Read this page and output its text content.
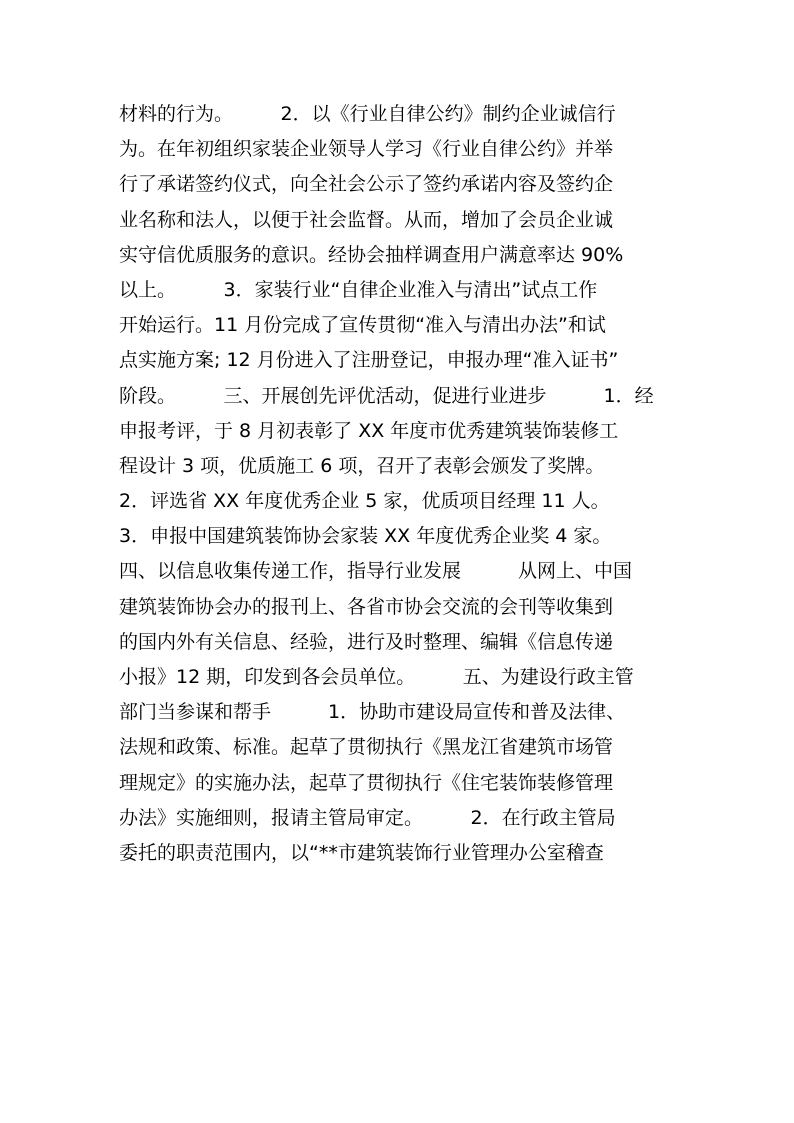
材料的行为。　　　2．以《行业自律公约》制约企业诚信行
为。在年初组织家装企业领导人学习《行业自律公约》并举
行了承诺签约仪式，向全社会公示了签约承诺内容及签约企
业名称和法人，以便于社会监督。从而，增加了会员企业诚
实守信优质服务的意识。经协会抽样调查用户满意率达 90%
以上。　　　3．家装行业“自律企业准入与清出”试点工作
开始运行。11 月份完成了宣传贯彻“准入与清出办法”和试
点实施方案; 12 月份进入了注册登记，申报办理“准入证书”
阶段。　　　三、开展创先评优活动，促进行业进步　　　1．经
申报考评，于 8 月初表彰了 XX 年度市优秀建筑装饰装修工
程设计 3 项，优质施工 6 项，召开了表彰会颁发了奖牌。
2．评选省 XX 年度优秀企业 5 家，优质项目经理 11 人。
3．申报中国建筑装饰协会家装 XX 年度优秀企业奖 4 家。
四、以信息收集传递工作，指导行业发展　　　从网上、中国
建筑装饰协会办的报刊上、各省市协会交流的会刊等收集到
的国内外有关信息、经验，进行及时整理、编辑《信息传递
小报》12 期，印发到各会员单位。　　　五、为建设行政主管
部门当参谋和帮手　　　1．协助市建设局宣传和普及法律、
法规和政策、标准。起草了贯彻执行《黑龙江省建筑市场管
理规定》的实施办法，起草了贯彻执行《住宅装饰装修管理
办法》实施细则，报请主管局审定。　　　2．在行政主管局
委托的职责范围内，以“**市建筑装饰行业管理办公室稽查
